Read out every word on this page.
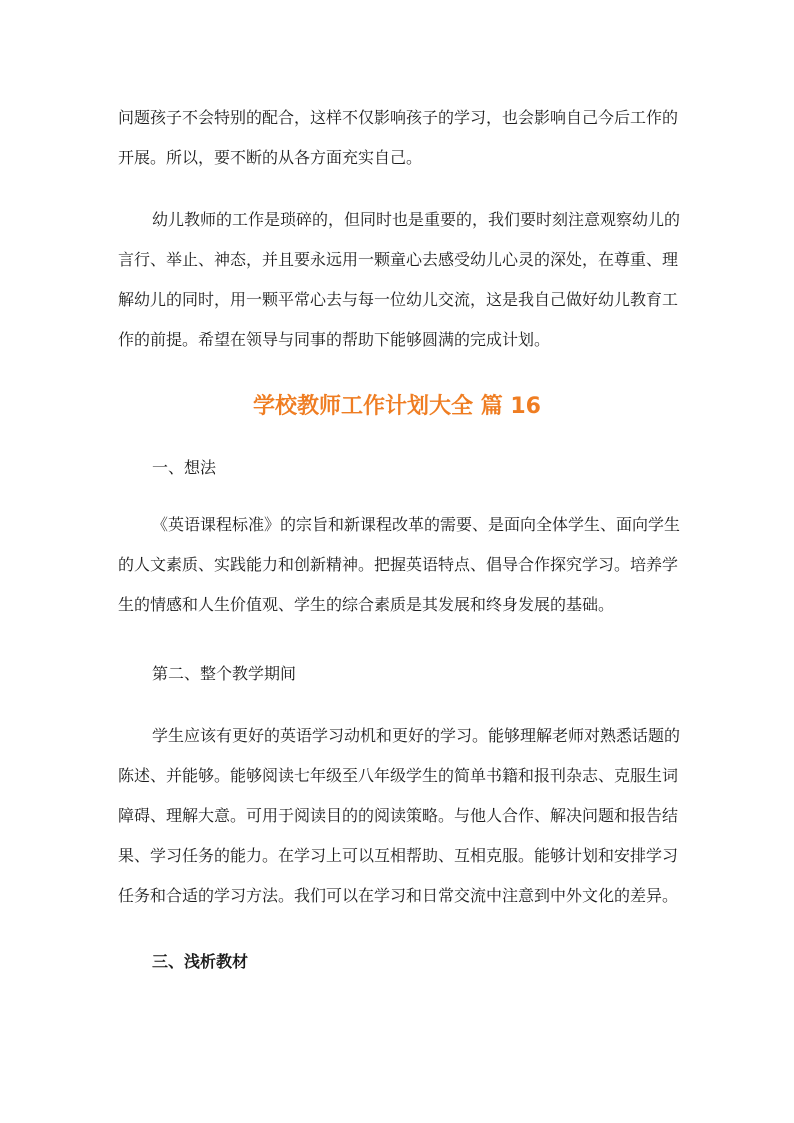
问题孩子不会特别的配合，这样不仅影响孩子的学习，也会影响自己今后工作的
开展。所以，要不断的从各方面充实自己。

幼儿教师的工作是琐碎的，但同时也是重要的，我们要时刻注意观察幼儿的
言行、举止、神态，并且要永远用一颗童心去感受幼儿心灵的深处，在尊重、理
解幼儿的同时，用一颗平常心去与每一位幼儿交流，这是我自己做好幼儿教育工
作的前提。希望在领导与同事的帮助下能够圆满的完成计划。

学校教师工作计划大全 篇 16

一、想法

《英语课程标准》的宗旨和新课程改革的需要、是面向全体学生、面向学生
的人文素质、实践能力和创新精神。把握英语特点、倡导合作探究学习。培养学
生的情感和人生价值观、学生的综合素质是其发展和终身发展的基础。

第二、整个教学期间

学生应该有更好的英语学习动机和更好的学习。能够理解老师对熟悉话题的
陈述、并能够。能够阅读七年级至八年级学生的简单书籍和报刊杂志、克服生词
障碍、理解大意。可用于阅读目的的阅读策略。与他人合作、解决问题和报告结
果、学习任务的能力。在学习上可以互相帮助、互相克服。能够计划和安排学习
任务和合适的学习方法。我们可以在学习和日常交流中注意到中外文化的差异。

三、浅析教材
